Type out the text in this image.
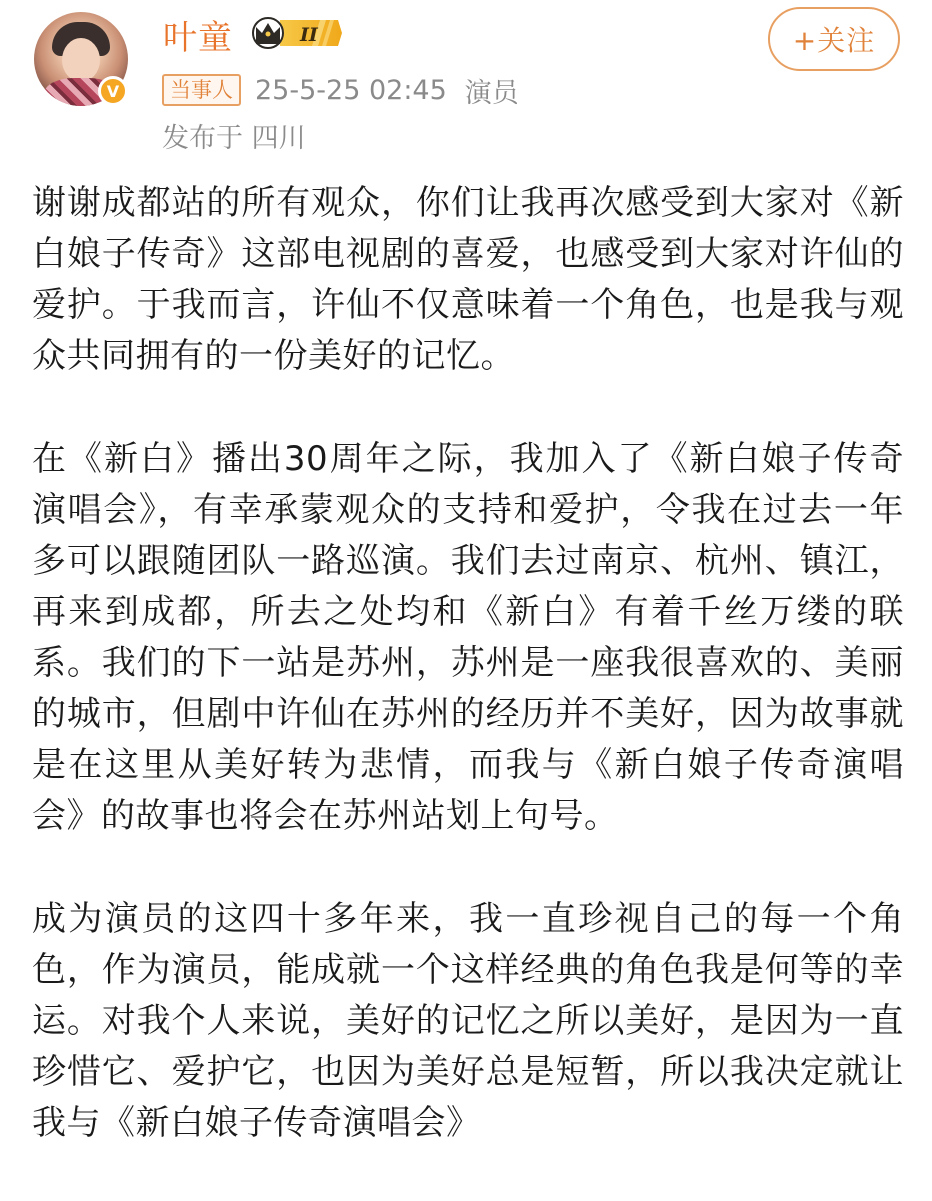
V
叶童	II
当事人 25-5-25 02:45 演员
发布于 四川
+关注

谢谢成都站的所有观众，你们让我再次感受到大家对《新白娘子传奇》这部电视剧的喜爱，也感受到大家对许仙的爱护。于我而言，许仙不仅意味着一个角色，也是我与观众共同拥有的一份美好的记忆。

在《新白》播出30周年之际，我加入了《新白娘子传奇演唱会》，有幸承蒙观众的支持和爱护，令我在过去一年多可以跟随团队一路巡演。我们去过南京、杭州、镇江，再来到成都，所去之处均和《新白》有着千丝万缕的联系。我们的下一站是苏州，苏州是一座我很喜欢的、美丽的城市，但剧中许仙在苏州的经历并不美好，因为故事就是在这里从美好转为悲情，而我与《新白娘子传奇演唱会》的故事也将会在苏州站划上句号。

成为演员的这四十多年来，我一直珍视自己的每一个角色，作为演员，能成就一个这样经典的角色我是何等的幸运。对我个人来说，美好的记忆之所以美好，是因为一直珍惜它、爱护它，也因为美好总是短暂，所以我决定就让我与《新白娘子传奇演唱会》
